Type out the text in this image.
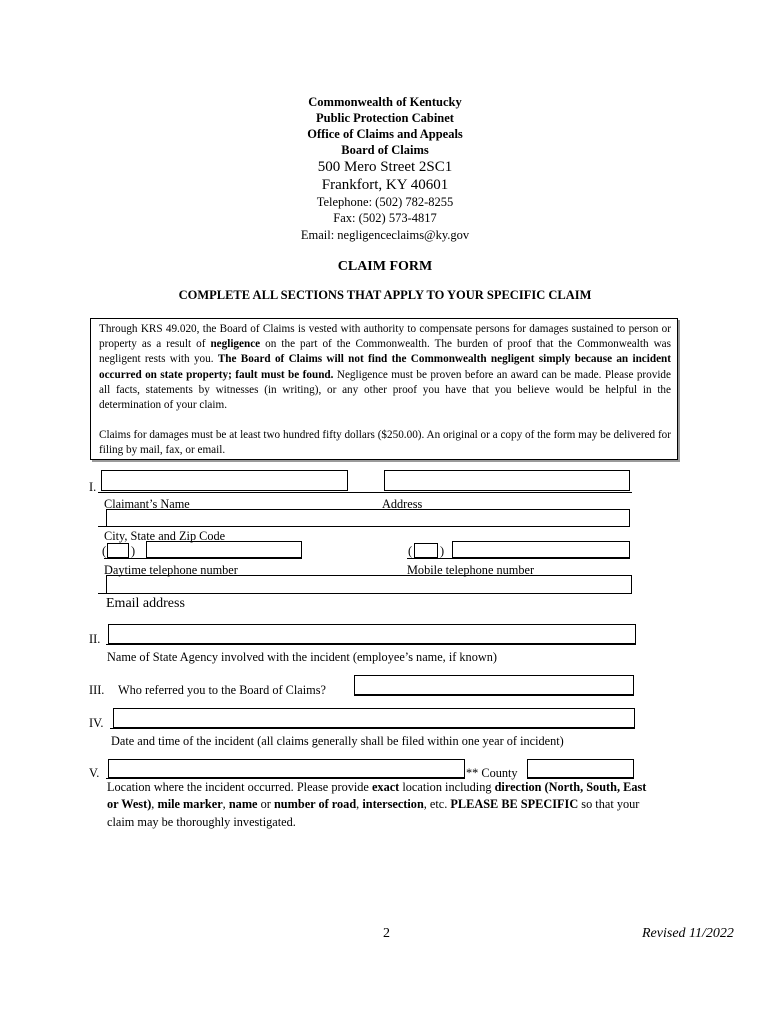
Commonwealth of Kentucky
Public Protection Cabinet
Office of Claims and Appeals
Board of Claims
500 Mero Street 2SC1
Frankfort, KY 40601
Telephone: (502) 782-8255
Fax: (502) 573-4817
Email: negligenceclaims@ky.gov
CLAIM FORM
COMPLETE ALL SECTIONS THAT APPLY TO YOUR SPECIFIC CLAIM

Through KRS 49.020, the Board of Claims is vested with authority to compensate persons for damages sustained to person or property as a result of negligence on the part of the Commonwealth. The burden of proof that the Commonwealth was negligent rests with you. The Board of Claims will not find the Commonwealth negligent simply because an incident occurred on state property; fault must be found. Negligence must be proven before an award can be made. Please provide all facts, statements by witnesses (in writing), or any other proof you have that you believe would be helpful in the determination of your claim.

Claims for damages must be at least two hundred fifty dollars ($250.00). An original or a copy of the form may be delivered for filing by mail, fax, or email.

I.
Claimant’s Name	Address
City, State and Zip Code
( )
Daytime telephone number
( )
Mobile telephone number
Email address
II.
Name of State Agency involved with the incident (employee’s name, if known)
III. Who referred you to the Board of Claims?
IV.
Date and time of the incident (all claims generally shall be filed within one year of incident)
V.	** County
Location where the incident occurred. Please provide exact location including direction (North, South, East or West), mile marker, name or number of road, intersection, etc. PLEASE BE SPECIFIC so that your claim may be thoroughly investigated.
2	Revised 11/2022
